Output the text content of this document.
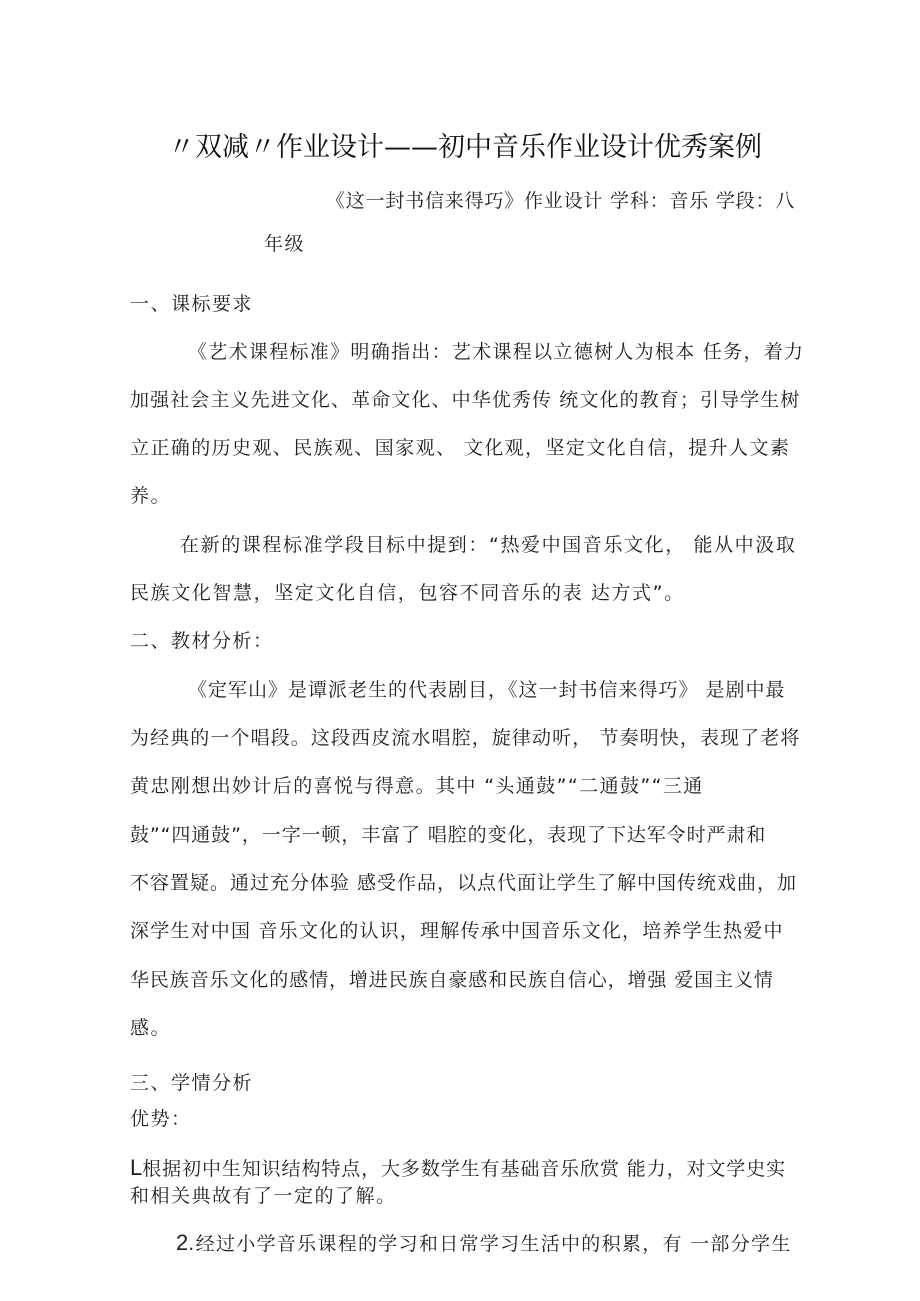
〃双减〃作业设计——初中音乐作业设计优秀案例

《这一封书信来得巧》作业设计 学科：音乐 学段：八

年级

一、课标要求

《艺术课程标准》明确指出：艺术课程以立德树人为根本 任务，着力

加强社会主义先进文化、革命文化、中华优秀传 统文化的教育；引导学生树

立正确的历史观、民族观、国家观、 文化观，坚定文化自信，提升人文素

养。

在新的课程标准学段目标中提到：“热爱中国音乐文化， 能从中汲取

民族文化智慧，坚定文化自信，包容不同音乐的表 达方式”。

二、教材分析：

《定军山》是谭派老生的代表剧目，《这一封书信来得巧》 是剧中最

为经典的一个唱段。这段西皮流水唱腔，旋律动听， 节奏明快，表现了老将

黄忠刚想出妙计后的喜悦与得意。其中 “头通鼓”“二通鼓”“三通

鼓”“四通鼓”，一字一顿，丰富了 唱腔的变化，表现了下达军令时严肃和

不容置疑。通过充分体验 感受作品，以点代面让学生了解中国传统戏曲，加

深学生对中国 音乐文化的认识，理解传承中国音乐文化，培养学生热爱中

华民族音乐文化的感情，增进民族自豪感和民族自信心，增强 爱国主义情

感。

三、学情分析

优势：

L根据初中生知识结构特点，大多数学生有基础音乐欣赏 能力，对文学史实

和相关典故有了一定的了解。

2.经过小学音乐课程的学习和日常学习生活中的积累，有 一部分学生
